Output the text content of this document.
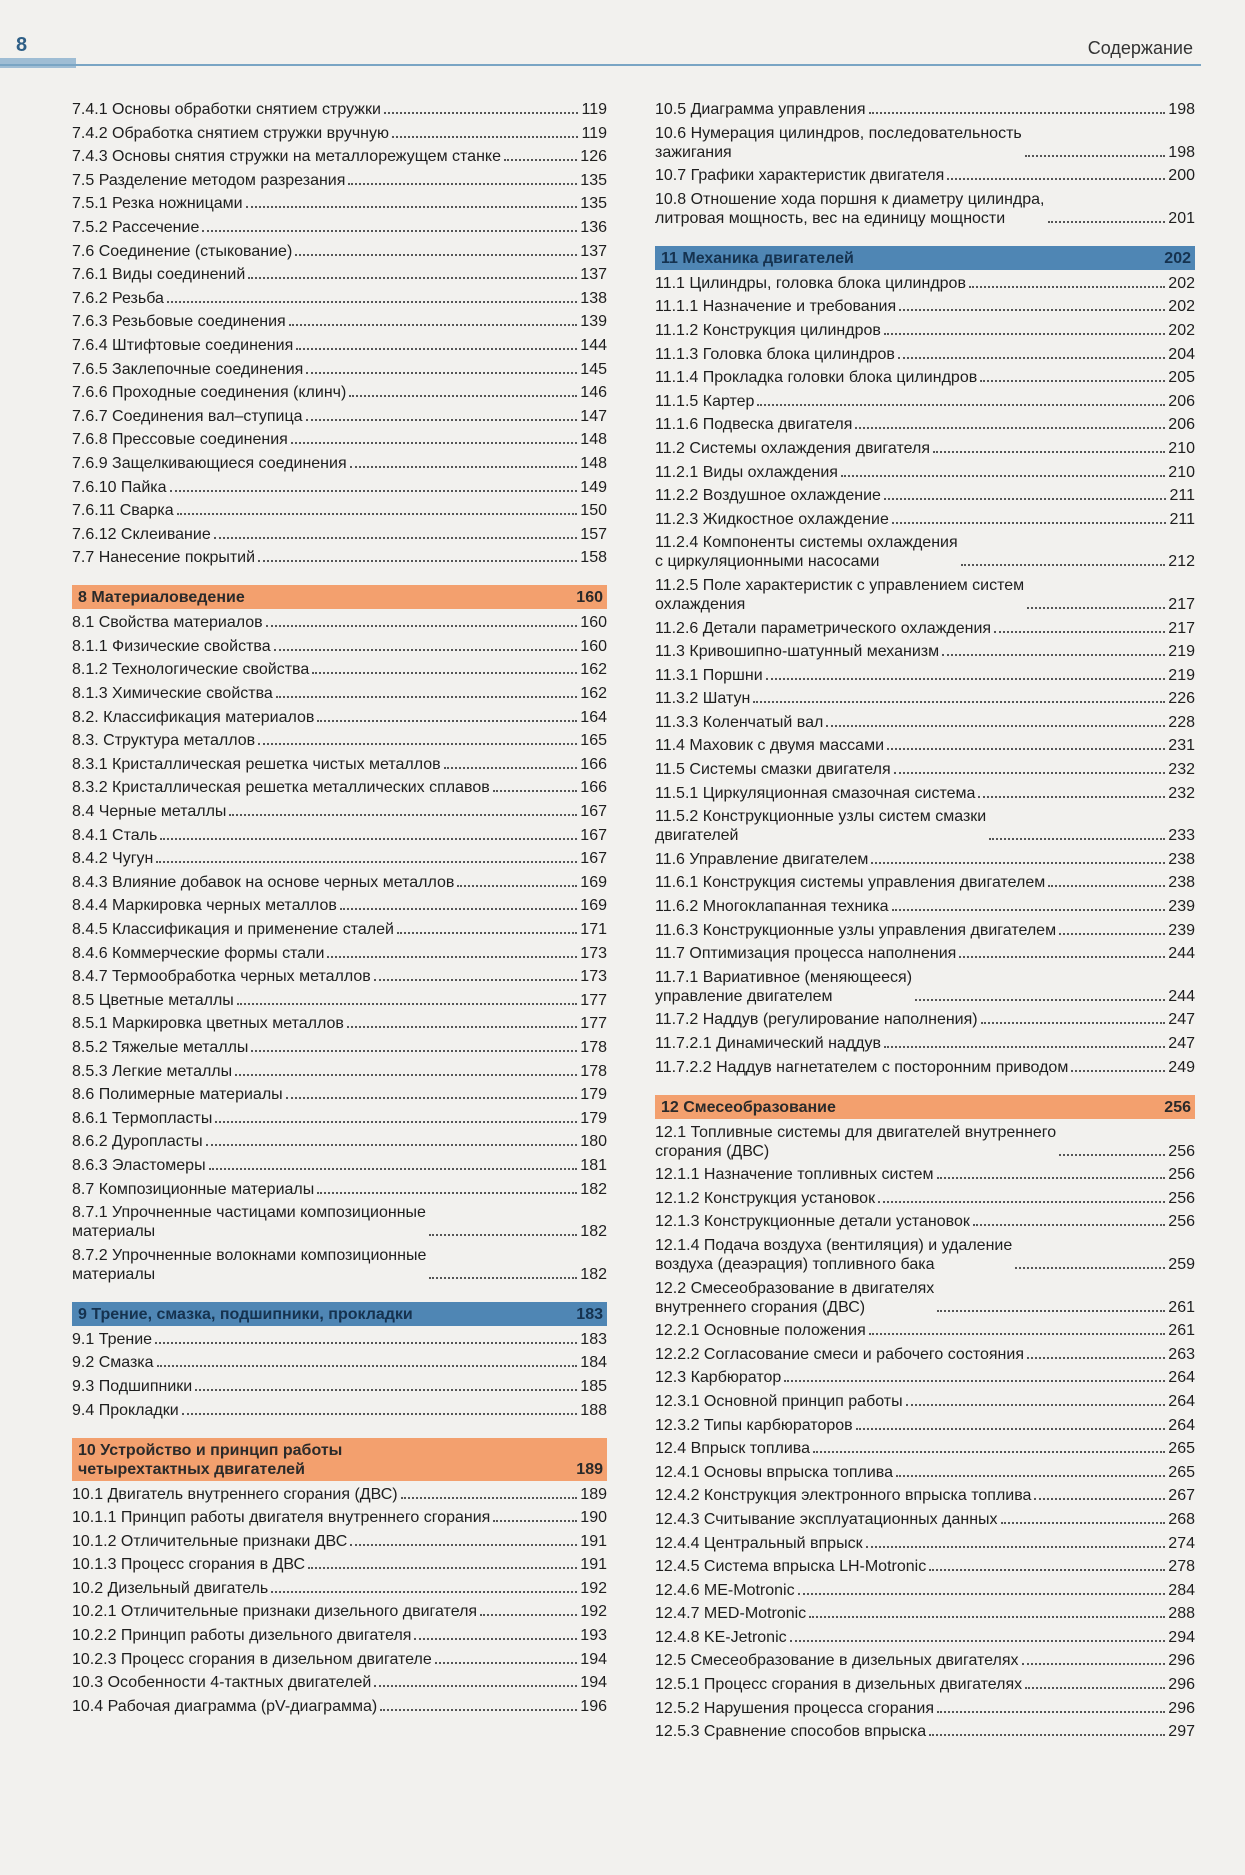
8	Содержание
7.4.1 Основы обработки снятием стружки	119
7.4.2 Обработка снятием стружки вручную	119
7.4.3 Основы снятия стружки на металлорежущем станке	126
7.5 Разделение методом разрезания	135
7.5.1 Резка ножницами	135
7.5.2 Рассечение	136
7.6 Соединение (стыкование)	137
7.6.1 Виды соединений	137
7.6.2 Резьба	138
7.6.3 Резьбовые соединения	139
7.6.4 Штифтовые соединения	144
7.6.5 Заклепочные соединения	145
7.6.6 Проходные соединения (клинч)	146
7.6.7 Соединения вал–ступица	147
7.6.8 Прессовые соединения	148
7.6.9 Защелкивающиеся соединения	148
7.6.10 Пайка	149
7.6.11 Сварка	150
7.6.12 Склеивание	157
7.7 Нанесение покрытий	158
8 Материаловедение	160
8.1 Свойства материалов	160
8.1.1 Физические свойства	160
8.1.2 Технологические свойства	162
8.1.3 Химические свойства	162
8.2. Классификация материалов	164
8.3. Структура металлов	165
8.3.1 Кристаллическая решетка чистых металлов	166
8.3.2 Кристаллическая решетка металлических сплавов	166
8.4 Черные металлы	167
8.4.1 Сталь	167
8.4.2 Чугун	167
8.4.3 Влияние добавок на основе черных металлов	169
8.4.4 Маркировка черных металлов	169
8.4.5 Классификация и применение сталей	171
8.4.6 Коммерческие формы стали	173
8.4.7 Термообработка черных металлов	173
8.5 Цветные металлы	177
8.5.1 Маркировка цветных металлов	177
8.5.2 Тяжелые металлы	178
8.5.3 Легкие металлы	178
8.6 Полимерные материалы	179
8.6.1 Термопласты	179
8.6.2 Дуропласты	180
8.6.3 Эластомеры	181
8.7 Композиционные материалы	182
8.7.1 Упрочненные частицами композиционные
материалы	182
8.7.2 Упрочненные волокнами композиционные
материалы	182
9 Трение, смазка, подшипники, прокладки	183
9.1 Трение	183
9.2 Смазка	184
9.3 Подшипники	185
9.4 Прокладки	188
10 Устройство и принцип работы
четырехтактных двигателей	189
10.1 Двигатель внутреннего сгорания (ДВС)	189
10.1.1 Принцип работы двигателя внутреннего сгорания	190
10.1.2 Отличительные признаки ДВС	191
10.1.3 Процесс сгорания в ДВС	191
10.2 Дизельный двигатель	192
10.2.1 Отличительные признаки дизельного двигателя	192
10.2.2 Принцип работы дизельного двигателя	193
10.2.3 Процесс сгорания в дизельном двигателе	194
10.3 Особенности 4-тактных двигателей	194
10.4 Рабочая диаграмма (pV-диаграмма)	196
10.5 Диаграмма управления	198
10.6 Нумерация цилиндров, последовательность
зажигания	198
10.7 Графики характеристик двигателя	200
10.8 Отношение хода поршня к диаметру цилиндра,
литровая мощность, вес на единицу мощности	201
11 Механика двигателей	202
11.1 Цилиндры, головка блока цилиндров	202
11.1.1 Назначение и требования	202
11.1.2 Конструкция цилиндров	202
11.1.3 Головка блока цилиндров	204
11.1.4 Прокладка головки блока цилиндров	205
11.1.5 Картер	206
11.1.6 Подвеска двигателя	206
11.2 Системы охлаждения двигателя	210
11.2.1 Виды охлаждения	210
11.2.2 Воздушное охлаждение	211
11.2.3 Жидкостное охлаждение	211
11.2.4 Компоненты системы охлаждения
с циркуляционными насосами	212
11.2.5 Поле характеристик с управлением систем
охлаждения	217
11.2.6 Детали параметрического охлаждения	217
11.3 Кривошипно-шатунный механизм	219
11.3.1 Поршни	219
11.3.2 Шатун	226
11.3.3 Коленчатый вал	228
11.4 Маховик с двумя массами	231
11.5 Системы смазки двигателя	232
11.5.1 Циркуляционная смазочная система	232
11.5.2 Конструкционные узлы систем смазки
двигателей	233
11.6 Управление двигателем	238
11.6.1 Конструкция системы управления двигателем	238
11.6.2 Многоклапанная техника	239
11.6.3 Конструкционные узлы управления двигателем	239
11.7 Оптимизация процесса наполнения	244
11.7.1 Вариативное (меняющееся)
управление двигателем	244
11.7.2 Наддув (регулирование наполнения)	247
11.7.2.1 Динамический наддув	247
11.7.2.2 Наддув нагнетателем с посторонним приводом	249
12 Смесеобразование	256
12.1 Топливные системы для двигателей внутреннего
сгорания (ДВС)	256
12.1.1 Назначение топливных систем	256
12.1.2 Конструкция установок	256
12.1.3 Конструкционные детали установок	256
12.1.4 Подача воздуха (вентиляция) и удаление
воздуха (деаэрация) топливного бака	259
12.2 Смесеобразование в двигателях
внутреннего сгорания (ДВС)	261
12.2.1 Основные положения	261
12.2.2 Согласование смеси и рабочего состояния	263
12.3 Карбюратор	264
12.3.1 Основной принцип работы	264
12.3.2 Типы карбюраторов	264
12.4 Впрыск топлива	265
12.4.1 Основы впрыска топлива	265
12.4.2 Конструкция электронного впрыска топлива	267
12.4.3 Считывание эксплуатационных данных	268
12.4.4 Центральный впрыск	274
12.4.5 Система впрыска LH-Motronic	278
12.4.6 ME-Motronic	284
12.4.7 MED-Motronic	288
12.4.8 KE-Jetronic	294
12.5 Смесеобразование в дизельных двигателях	296
12.5.1 Процесс сгорания в дизельных двигателях	296
12.5.2 Нарушения процесса сгорания	296
12.5.3 Сравнение способов впрыска	297
